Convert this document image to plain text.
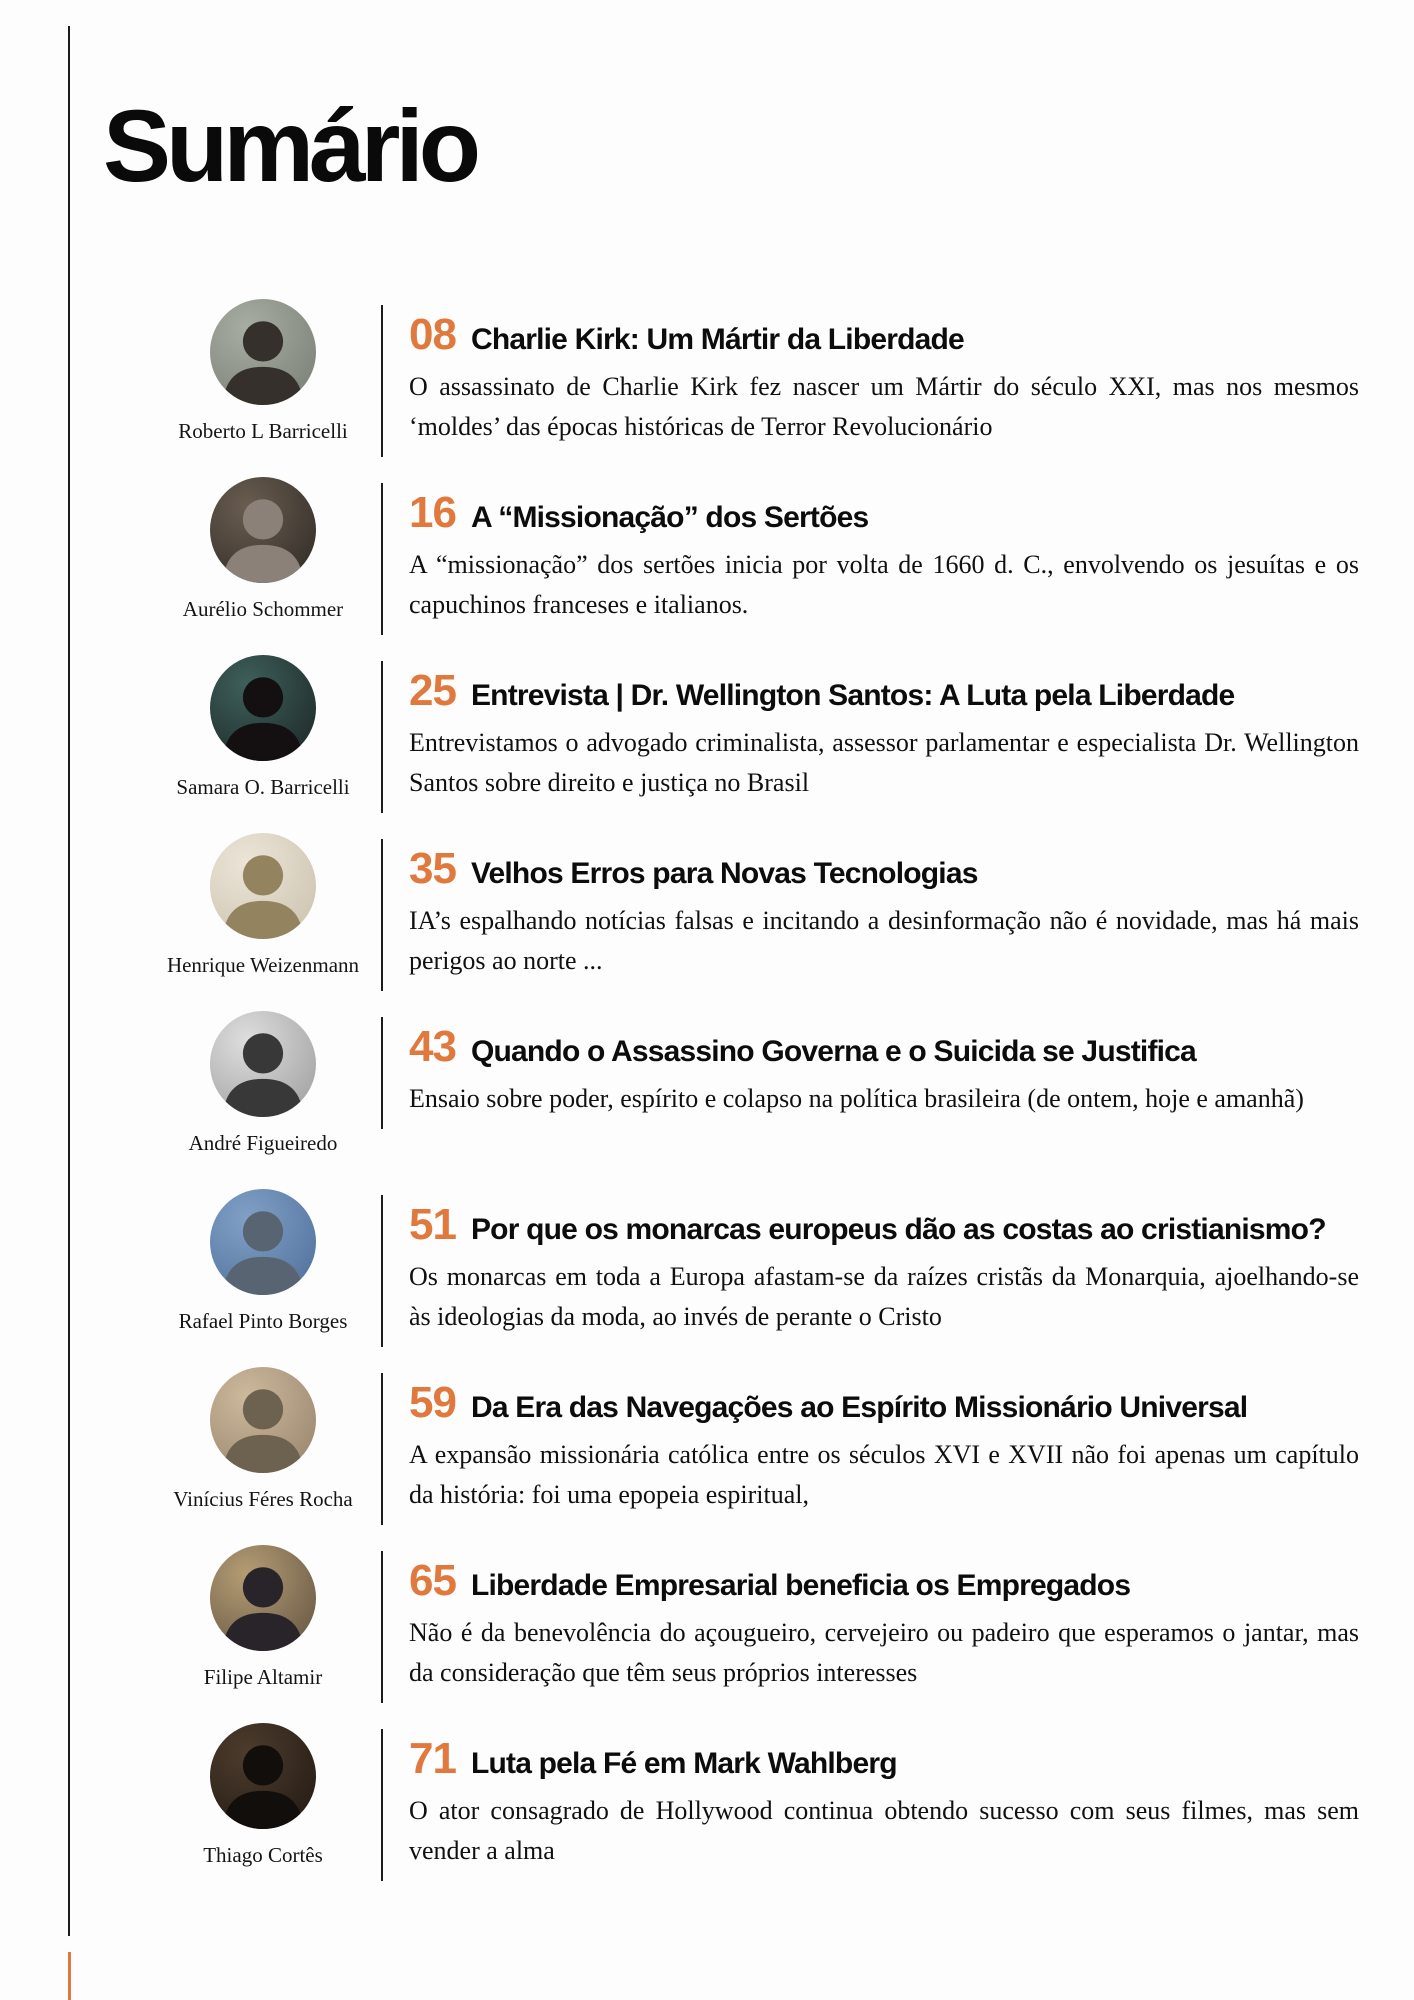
Sumário
Roberto L Barricelli
08 Charlie Kirk: Um Mártir da Liberdade

O assassinato de Charlie Kirk fez nascer um Mártir do século XXI, mas nos mesmos ‘moldes’ das épocas históricas de Terror Revolucionário

Aurélio Schommer
16 A “Missionação” dos Sertões

A “missionação” dos sertões inicia por volta de 1660 d. C., envolvendo os jesuítas e os capuchinos franceses e italianos.

Samara O. Barricelli
25 Entrevista | Dr. Wellington Santos: A Luta pela Liberdade

Entrevistamos o advogado criminalista, assessor parlamentar e especialista Dr. Wellington Santos sobre direito e justiça no Brasil

Henrique Weizenmann
35 Velhos Erros para Novas Tecnologias

IA’s espalhando notícias falsas e incitando a desinformação não é novidade, mas há mais perigos ao norte ...

André Figueiredo
43 Quando o Assassino Governa e o Suicida se Justifica

Ensaio sobre poder, espírito e colapso na política brasileira (de ontem, hoje e amanhã)

Rafael Pinto Borges
51 Por que os monarcas europeus dão as costas ao cristianismo?

Os monarcas em toda a Europa afastam-se da raízes cristãs da Monarquia, ajoelhando-se às ideologias da moda, ao invés de perante o Cristo

Vinícius Féres Rocha
59 Da Era das Navegações ao Espírito Missionário Universal

A expansão missionária católica entre os séculos XVI e XVII não foi apenas um capítulo da história: foi uma epopeia espiritual,

Filipe Altamir
65 Liberdade Empresarial beneficia os Empregados

Não é da benevolência do açougueiro, cervejeiro ou padeiro que esperamos o jantar, mas da consideração que têm seus próprios interesses

Thiago Cortês
71 Luta pela Fé em Mark Wahlberg

O ator consagrado de Hollywood continua obtendo sucesso com seus filmes, mas sem vender a alma
